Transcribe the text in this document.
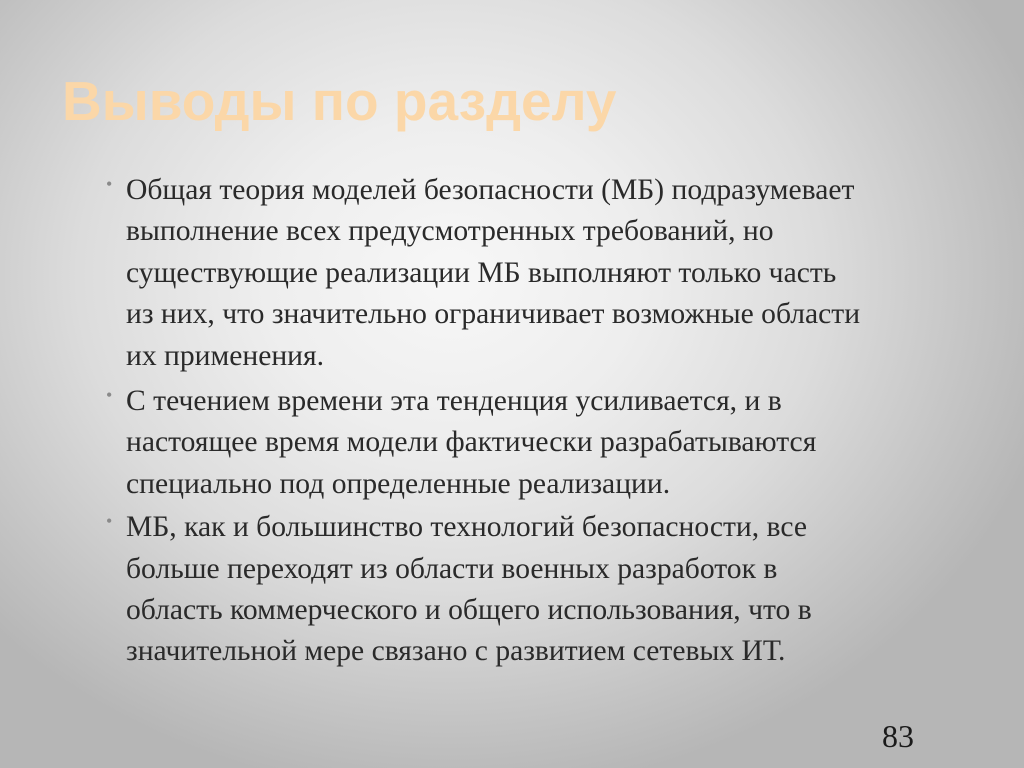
Выводы по разделу
• Общая теория моделей безопасности (МБ) подразумевает
выполнение всех предусмотренных требований, но
существующие реализации МБ выполняют только часть
из них, что значительно ограничивает возможные области
их применения.
• С течением времени эта тенденция усиливается, и в
настоящее время модели фактически разрабатываются
специально под определенные реализации.
• МБ, как и большинство технологий безопасности, все
больше переходят из области военных разработок в
область коммерческого и общего использования, что в
значительной мере связано с развитием сетевых ИТ.
83
